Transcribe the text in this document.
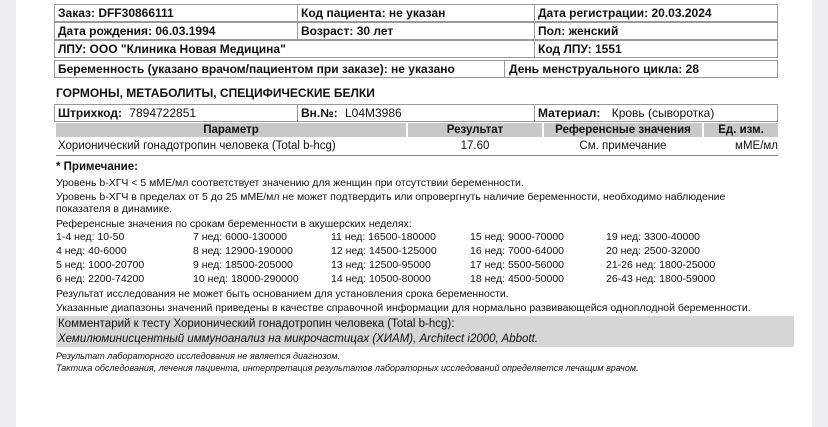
Заказ: DFF30866111	Код пациента: не указан	Дата регистрации: 20.03.2024
Дата рождения: 06.03.1994	Возраст: 30 лет	Пол: женский
ЛПУ: ООО "Клиника Новая Медицина"	Код ЛПУ: 1551
Беременность (указано врачом/пациентом при заказе): не указано	День менструального цикла: 28
ГОРМОНЫ, МЕТАБОЛИТЫ, СПЕЦИФИЧЕСКИЕ БЕЛКИ
Штрихкод: 7894722851	Вн.№: L04M3986	Материал: Кровь (сыворотка)
Параметр	Результат	Референсные значения	Ед. изм.
Хорионический гонадотропин человека (Total b-hcg)	17.60	См. примечание	мМЕ/мл
* Примечание:
Уровень b-ХГЧ < 5 мМЕ/мл соответствует значению для женщин при отсутствии беременности.
Уровень b-ХГЧ в пределах от 5 до 25 мМЕ/мл не может подтвердить или опровергнуть наличие беременности, необходимо наблюдение
показателя в динамике.
Референсные значения по срокам беременности в акушерских неделях:
1-4 нед: 10-50	7 нед: 6000-130000	11 нед: 16500-180000	15 нед: 9000-70000	19 нед: 3300-40000
4 нед: 40-6000	8 нед: 12900-190000	12 нед: 14500-125000	16 нед: 7000-64000	20 нед: 2500-32000
5 нед: 1000-20700	9 нед: 18500-205000	13 нед: 12500-95000	17 нед: 5500-56000	21-26 нед: 1800-25000
6 нед: 2200-74200	10 нед: 18000-290000	14 нед: 10500-80000	18 нед: 4500-50000	26-43 нед: 1800-59000
Результат исследования не может быть основанием для установления срока беременности.
Указанные диапазоны значений приведены в качестве справочной информации для нормально развивающейся одноплодной беременности.
Комментарий к тесту Хорионический гонадотропин человека (Total b-hcg):
Хемилюминисцентный иммуноанализ на микрочастицах (ХИАМ), Architect i2000, Abbott.
Результат лабораторного исследования не является диагнозом.
Тактика обследования, лечения пациента, интерпретация результатов лабораторных исследований определяется лечащим врачом.
